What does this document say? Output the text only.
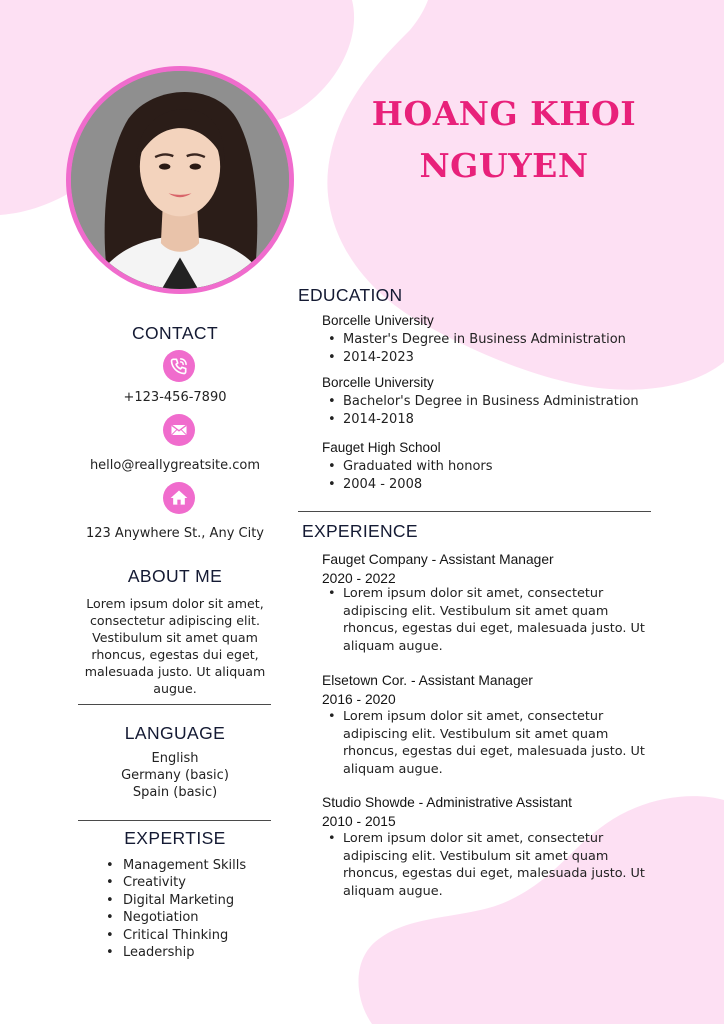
HOANG KHOI
NGUYEN
CONTACT
+123-456-7890
hello@reallygreatsite.com
123 Anywhere St., Any City
ABOUT ME
Lorem ipsum dolor sit amet, consectetur adipiscing elit. Vestibulum sit amet quam rhoncus, egestas dui eget, malesuada justo. Ut aliquam augue.
LANGUAGE
English
Germany (basic)
Spain (basic)
EXPERTISE
• Management Skills
• Creativity
• Digital Marketing
• Negotiation
• Critical Thinking
• Leadership
EDUCATION
Borcelle University
• Master's Degree in Business Administration
• 2014-2023
Borcelle University
• Bachelor's Degree in Business Administration
• 2014-2018
Fauget High School
• Graduated with honors
• 2004 - 2008
EXPERIENCE
Fauget Company - Assistant Manager
2020 - 2022
• Lorem ipsum dolor sit amet, consectetur adipiscing elit. Vestibulum sit amet quam rhoncus, egestas dui eget, malesuada justo. Ut aliquam augue.
Elsetown Cor. - Assistant Manager
2016 - 2020
• Lorem ipsum dolor sit amet, consectetur adipiscing elit. Vestibulum sit amet quam rhoncus, egestas dui eget, malesuada justo. Ut aliquam augue.
Studio Showde - Administrative Assistant
2010 - 2015
• Lorem ipsum dolor sit amet, consectetur adipiscing elit. Vestibulum sit amet quam rhoncus, egestas dui eget, malesuada justo. Ut aliquam augue.
